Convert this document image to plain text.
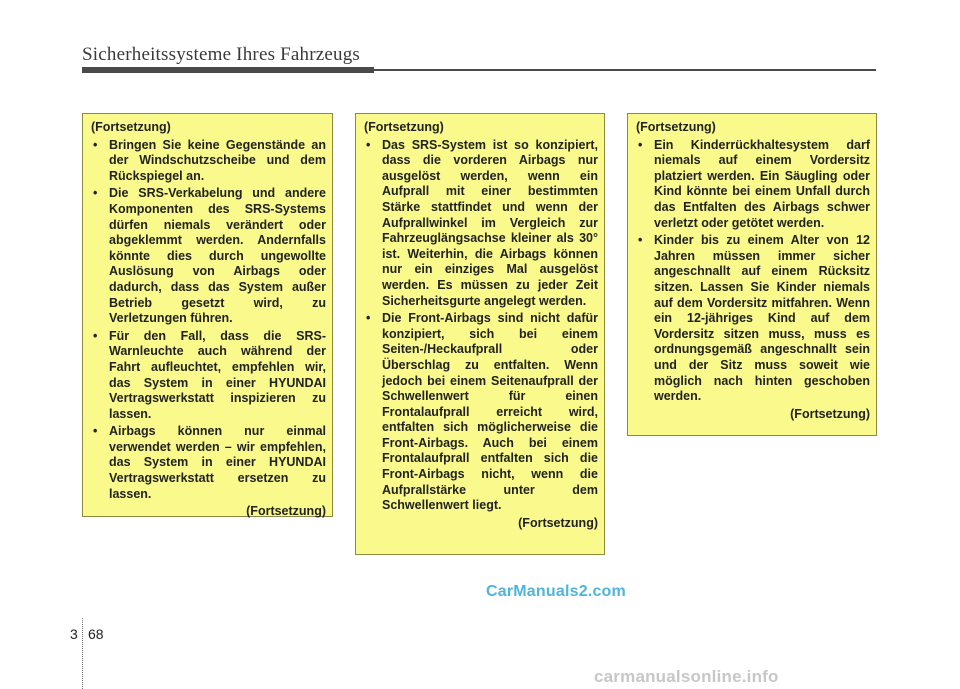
Sicherheitssysteme Ihres Fahrzeugs
(Fortsetzung)
• Bringen Sie keine Gegenstände an der Windschutzscheibe und dem Rückspiegel an.
• Die SRS-Verkabelung und andere Komponenten des SRS-Systems dürfen niemals verändert oder abgeklemmt werden. Andernfalls könnte dies durch ungewollte Auslösung von Airbags oder dadurch, dass das System außer Betrieb gesetzt wird, zu Verletzungen führen.
• Für den Fall, dass die SRS-Warnleuchte auch während der Fahrt aufleuchtet, empfehlen wir, das System in einer HYUNDAI Vertragswerkstatt inspizieren zu lassen.
• Airbags können nur einmal verwendet werden – wir empfehlen, das System in einer HYUNDAI Vertragswerkstatt ersetzen zu lassen.
(Fortsetzung)
(Fortsetzung)
• Das SRS-System ist so konzipiert, dass die vorderen Airbags nur ausgelöst werden, wenn ein Aufprall mit einer bestimmten Stärke stattfindet und wenn der Aufprallwinkel im Vergleich zur Fahrzeuglängsachse kleiner als 30° ist. Weiterhin, die Airbags können nur ein einziges Mal ausgelöst werden. Es müssen zu jeder Zeit Sicherheitsgurte angelegt werden.
• Die Front-Airbags sind nicht dafür konzipiert, sich bei einem Seiten-/Heckaufprall oder Überschlag zu entfalten. Wenn jedoch bei einem Seitenaufprall der Schwellenwert für einen Frontalaufprall erreicht wird, entfalten sich möglicherweise die Front-Airbags. Auch bei einem Frontalaufprall entfalten sich die Front-Airbags nicht, wenn die Aufprallstärke unter dem Schwellenwert liegt.
(Fortsetzung)
(Fortsetzung)
• Ein Kinderrückhaltesystem darf niemals auf einem Vordersitz platziert werden. Ein Säugling oder Kind könnte bei einem Unfall durch das Entfalten des Airbags schwer verletzt oder getötet werden.
• Kinder bis zu einem Alter von 12 Jahren müssen immer sicher angeschnallt auf einem Rücksitz sitzen. Lassen Sie Kinder niemals auf dem Vordersitz mitfahren. Wenn ein 12-jähriges Kind auf dem Vordersitz sitzen muss, muss es ordnungsgemäß angeschnallt sein und der Sitz muss soweit wie möglich nach hinten geschoben werden.
(Fortsetzung)
CarManuals2.com
3 68
carmanualsonline.info
